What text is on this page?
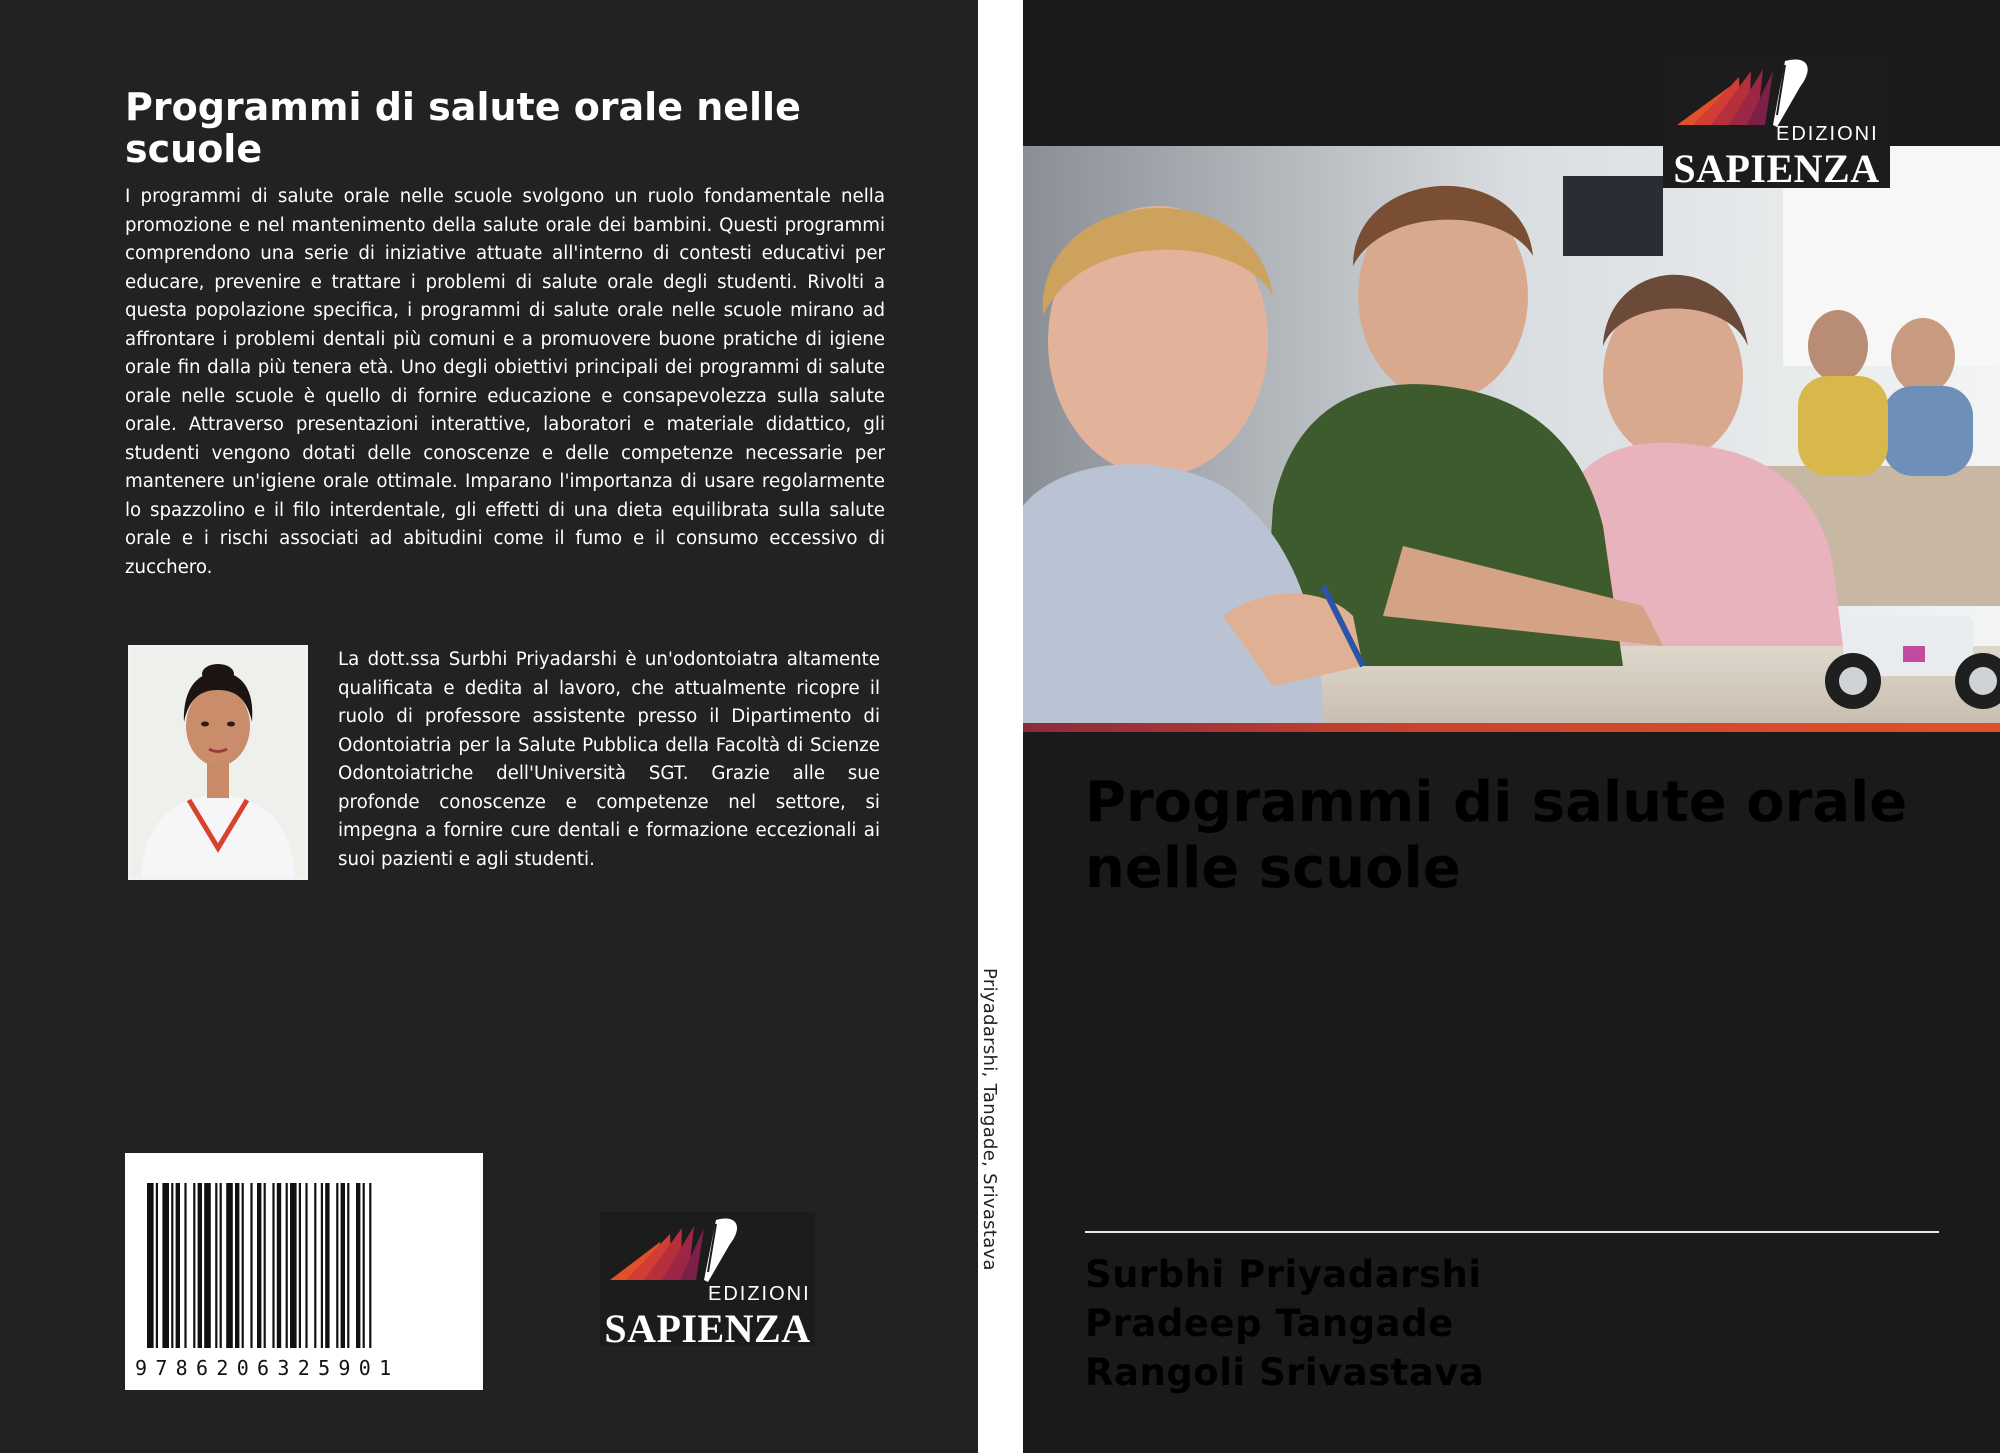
Programmi di salute orale nelle scuole

I programmi di salute orale nelle scuole svolgono un ruolo fondamentale nella promozione e nel mantenimento della salute orale dei bambini. Questi programmi comprendono una serie di iniziative attuate all'interno di contesti educativi per educare, prevenire e trattare i problemi di salute orale degli studenti. Rivolti a questa popolazione specifica, i programmi di salute orale nelle scuole mirano ad affrontare i problemi dentali più comuni e a promuovere buone pratiche di igiene orale fin dalla più tenera età. Uno degli obiettivi principali dei programmi di salute orale nelle scuole è quello di fornire educazione e consapevolezza sulla salute orale. Attraverso presentazioni interattive, laboratori e materiale didattico, gli studenti vengono dotati delle conoscenze e delle competenze necessarie per mantenere un'igiene orale ottimale. Imparano l'importanza di usare regolarmente lo spazzolino e il filo interdentale, gli effetti di una dieta equilibrata sulla salute orale e i rischi associati ad abitudini come il fumo e il consumo eccessivo di zucchero.

La dott.ssa Surbhi Priyadarshi è un'odontoiatra altamente qualificata e dedita al lavoro, che attualmente ricopre il ruolo di professore assistente presso il Dipartimento di Odontoiatria per la Salute Pubblica della Facoltà di Scienze Odontoiatriche dell'Università SGT. Grazie alle sue profonde conoscenze e competenze nel settore, si impegna a fornire cure dentali e formazione eccezionali ai suoi pazienti e agli studenti.

9786206325901
EDIZIONI
SAPIENZA
Priyadarshi, Tangade, Srivastava
EDIZIONI
SAPIENZA
Programmi di salute orale nelle scuole
Surbhi Priyadarshi
Pradeep Tangade
Rangoli Srivastava
